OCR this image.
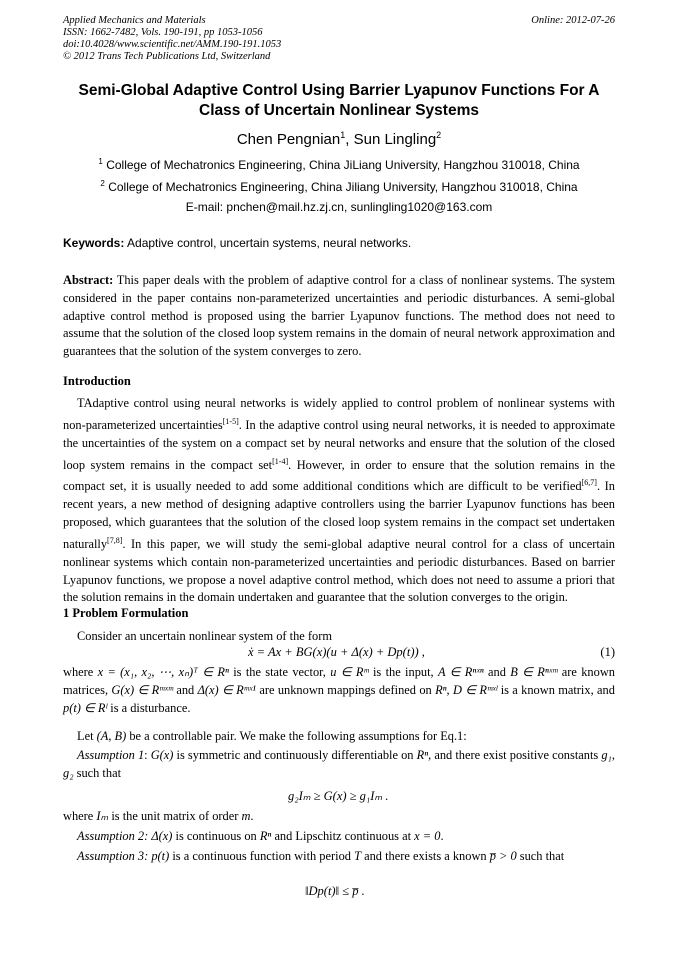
Applied Mechanics and Materials
ISSN: 1662-7482, Vols. 190-191, pp 1053-1056
doi:10.4028/www.scientific.net/AMM.190-191.1053
© 2012 Trans Tech Publications Ltd, Switzerland
Online: 2012-07-26
Semi-Global Adaptive Control Using Barrier Lyapunov Functions For A
Class of Uncertain Nonlinear Systems
Chen Pengnian$^1$, Sun Lingling$^2$
$^1$ College of Mechatronics Engineering, China JiLiang University, Hangzhou 310018, China
$^2$ College of Mechatronics Engineering, China Jiliang University, Hangzhou 310018, China
E-mail: pnchen@mail.hz.zj.cn, sunlingling1020@163.com
Keywords: Adaptive control, uncertain systems, neural networks.
Abstract: This paper deals with the problem of adaptive control for a class of nonlinear systems. The system considered in the paper contains non-parameterized uncertainties and periodic disturbances. A semi-global adaptive control method is proposed using the barrier Lyapunov functions. The method does not need to assume that the solution of the closed loop system remains in the domain of neural network approximation and guarantees that the solution of the system converges to zero.
Introduction
TAdaptive control using neural networks is widely applied to control problem of nonlinear systems with non-parameterized uncertainties[1-5]. In the adaptive control using neural networks, it is needed to approximate the uncertainties of the system on a compact set by neural networks and ensure that the solution of the closed loop system remains in the compact set[1-4]. However, in order to ensure that the solution remains in the compact set, it is usually needed to add some additional conditions which are difficult to be verified[6,7]. In recent years, a new method of designing adaptive controllers using the barrier Lyapunov functions has been proposed, which guarantees that the solution of the closed loop system remains in the compact set undertaken naturally[7,8]. In this paper, we will study the semi-global adaptive neural control for a class of uncertain nonlinear systems which contain non-parameterized uncertainties and periodic disturbances. Based on barrier Lyapunov functions, we propose a novel adaptive control method, which does not need to assume a priori that the solution remains in the domain undertaken and guarantee that the solution converges to the origin.
1 Problem Formulation
Consider an uncertain nonlinear system of the form
ẋ = Ax + BG(x)(u + Δ(x) + Dp(t)) ,	(1)
where x = (x₁, x₂, ⋯, xₙ)ᵀ ∈ Rⁿ is the state vector, u ∈ Rᵐ is the input, A ∈ Rⁿˣⁿ and B ∈ Rⁿˣᵐ are known matrices, G(x) ∈ Rᵐˣᵐ and Δ(x) ∈ Rᵐˣ¹ are unknown mappings defined on Rⁿ, D ∈ Rᵐˣˡ is a known matrix, and p(t) ∈ Rˡ is a disturbance.
Let (A, B) be a controllable pair. We make the following assumptions for Eq.1:
Assumption 1: G(x) is symmetric and continuously differentiable on Rⁿ, and there exist positive constants g₁, g₂ such that
g₂Iₘ ≥ G(x) ≥ g₁Iₘ .
where Iₘ is the unit matrix of order m.
Assumption 2: Δ(x) is continuous on Rⁿ and Lipschitz continuous at x = 0.
Assumption 3: p(t) is a continuous function with period T and there exists a known p̅ > 0 such that
‖Dp(t)‖ ≤ p̅ .
